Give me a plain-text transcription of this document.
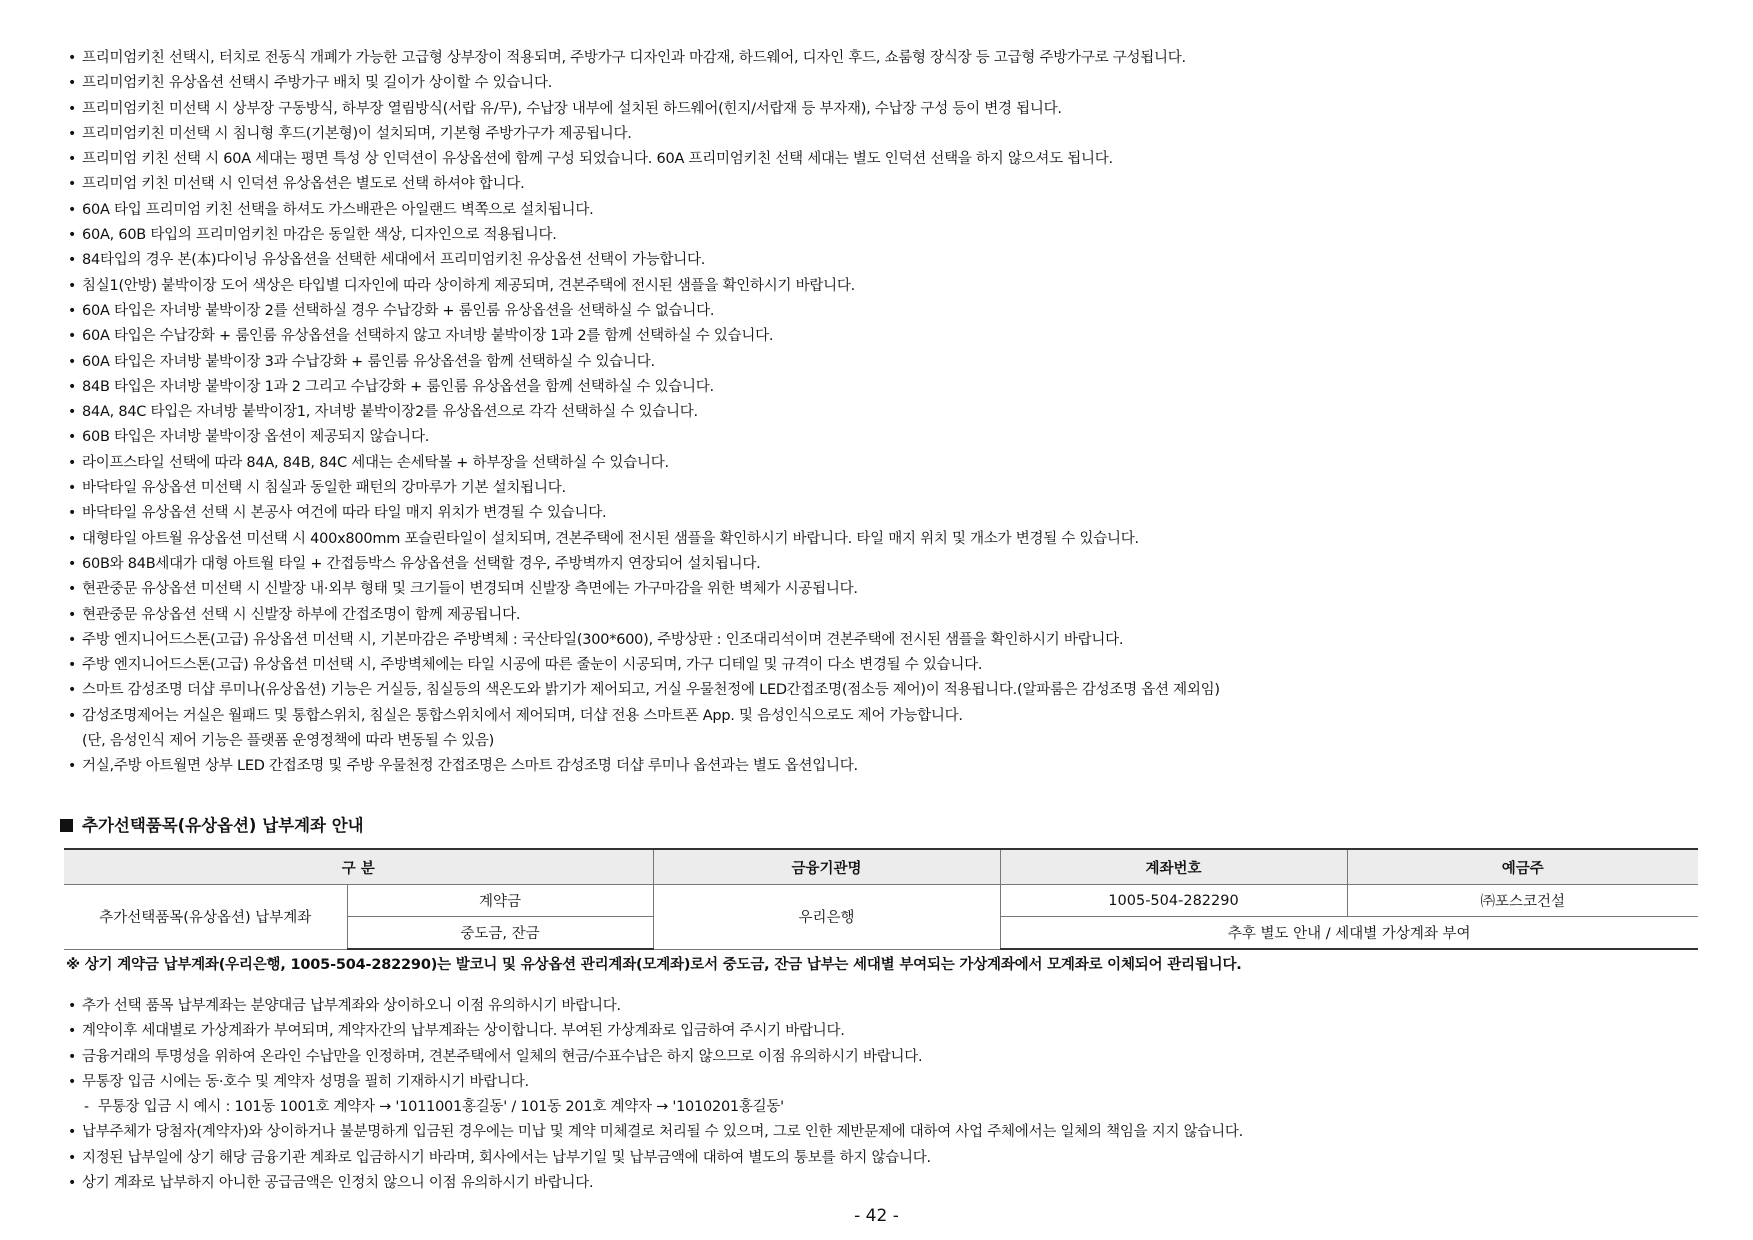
• 프리미엄키친 선택시, 터치로 전동식 개폐가 가능한 고급형 상부장이 적용되며, 주방가구 디자인과 마감재, 하드웨어, 디자인 후드, 쇼룸형 장식장 등 고급형 주방가구로 구성됩니다.
• 프리미엄키친 유상옵션 선택시 주방가구 배치 및 길이가 상이할 수 있습니다.
• 프리미엄키친 미선택 시 상부장 구동방식, 하부장 열림방식(서랍 유/무), 수납장 내부에 설치된 하드웨어(힌지/서랍재 등 부자재), 수납장 구성 등이 변경 됩니다.
• 프리미엄키친 미선택 시 침니형 후드(기본형)이 설치되며, 기본형 주방가구가 제공됩니다.
• 프리미엄 키친 선택 시 60A 세대는 평면 특성 상 인덕션이 유상옵션에 함께 구성 되었습니다. 60A 프리미엄키친 선택 세대는 별도 인덕션 선택을 하지 않으셔도 됩니다.
• 프리미엄 키친 미선택 시 인덕션 유상옵션은 별도로 선택 하셔야 합니다.
• 60A 타입 프리미엄 키친 선택을 하셔도 가스배관은 아일랜드 벽쪽으로 설치됩니다.
• 60A, 60B 타입의 프리미엄키친 마감은 동일한 색상, 디자인으로 적용됩니다.
• 84타입의 경우 본(本)다이닝 유상옵션을 선택한 세대에서 프리미엄키친 유상옵션 선택이 가능합니다.
• 침실1(안방) 붙박이장 도어 색상은 타입별 디자인에 따라 상이하게 제공되며, 견본주택에 전시된 샘플을 확인하시기 바랍니다.
• 60A 타입은 자녀방 붙박이장 2를 선택하실 경우 수납강화 + 룸인룸 유상옵션을 선택하실 수 없습니다.
• 60A 타입은 수납강화 + 룸인룸 유상옵션을 선택하지 않고 자녀방 붙박이장 1과 2를 함께 선택하실 수 있습니다.
• 60A 타입은 자녀방 붙박이장 3과 수납강화 + 룸인룸 유상옵션을 함께 선택하실 수 있습니다.
• 84B 타입은 자녀방 붙박이장 1과 2 그리고 수납강화 + 룸인룸 유상옵션을 함께 선택하실 수 있습니다.
• 84A, 84C 타입은 자녀방 붙박이장1, 자녀방 붙박이장2를 유상옵션으로 각각 선택하실 수 있습니다.
• 60B 타입은 자녀방 붙박이장 옵션이 제공되지 않습니다.
• 라이프스타일 선택에 따라 84A, 84B, 84C 세대는 손세탁볼 + 하부장을 선택하실 수 있습니다.
• 바닥타일 유상옵션 미선택 시 침실과 동일한 패턴의 강마루가 기본 설치됩니다.
• 바닥타일 유상옵션 선택 시 본공사 여건에 따라 타일 매지 위치가 변경될 수 있습니다.
• 대형타일 아트월 유상옵션 미선택 시 400x800mm 포슬린타일이 설치되며, 견본주택에 전시된 샘플을 확인하시기 바랍니다. 타일 매지 위치 및 개소가 변경될 수 있습니다.
• 60B와 84B세대가 대형 아트월 타일 + 간접등박스 유상옵션을 선택할 경우, 주방벽까지 연장되어 설치됩니다.
• 현관중문 유상옵션 미선택 시 신발장 내·외부 형태 및 크기들이 변경되며 신발장 측면에는 가구마감을 위한 벽체가 시공됩니다.
• 현관중문 유상옵션 선택 시 신발장 하부에 간접조명이 함께 제공됩니다.
• 주방 엔지니어드스톤(고급) 유상옵션 미선택 시, 기본마감은 주방벽체 : 국산타일(300*600), 주방상판 : 인조대리석이며 견본주택에 전시된 샘플을 확인하시기 바랍니다.
• 주방 엔지니어드스톤(고급) 유상옵션 미선택 시, 주방벽체에는 타일 시공에 따른 줄눈이 시공되며, 가구 디테일 및 규격이 다소 변경될 수 있습니다.
• 스마트 감성조명 더샵 루미나(유상옵션) 기능은 거실등, 침실등의 색온도와 밝기가 제어되고, 거실 우물천정에 LED간접조명(점소등 제어)이 적용됩니다.(알파룸은 감성조명 옵션 제외임)
• 감성조명제어는 거실은 월패드 및 통합스위치, 침실은 통합스위치에서 제어되며, 더샵 전용 스마트폰 App. 및 음성인식으로도 제어 가능합니다.
(단, 음성인식 제어 기능은 플랫폼 운영정책에 따라 변동될 수 있음)
• 거실,주방 아트월면 상부 LED 간접조명 및 주방 우물천정 간접조명은 스마트 감성조명 더샵 루미나 옵션과는 별도 옵션입니다.
추가선택품목(유상옵션) 납부계좌 안내
구 분		금융기관명	계좌번호	예금주
추가선택품목(유상옵션) 납부계좌	계약금	우리은행	1005-504-282290	㈜포스코건설
	중도금, 잔금		추후 별도 안내 / 세대별 가상계좌 부여	
※ 상기 계약금 납부계좌(우리은행, 1005-504-282290)는 발코니 및 유상옵션 관리계좌(모계좌)로서 중도금, 잔금 납부는 세대별 부여되는 가상계좌에서 모계좌로 이체되어 관리됩니다.
• 추가 선택 품목 납부계좌는 분양대금 납부계좌와 상이하오니 이점 유의하시기 바랍니다.
• 계약이후 세대별로 가상계좌가 부여되며, 계약자간의 납부계좌는 상이합니다. 부여된 가상계좌로 입금하여 주시기 바랍니다.
• 금융거래의 투명성을 위하여 온라인 수납만을 인정하며, 견본주택에서 일체의 현금/수표수납은 하지 않으므로 이점 유의하시기 바랍니다.
• 무통장 입금 시에는 동·호수 및 계약자 성명을 필히 기재하시기 바랍니다.
- 무통장 입금 시 예시 : 101동 1001호 계약자 → '1011001홍길동' / 101동 201호 계약자 → '1010201홍길동'
• 납부주체가 당첨자(계약자)와 상이하거나 불분명하게 입금된 경우에는 미납 및 계약 미체결로 처리될 수 있으며, 그로 인한 제반문제에 대하여 사업 주체에서는 일체의 책임을 지지 않습니다.
• 지정된 납부일에 상기 해당 금융기관 계좌로 입금하시기 바라며, 회사에서는 납부기일 및 납부금액에 대하여 별도의 통보를 하지 않습니다.
• 상기 계좌로 납부하지 아니한 공급금액은 인정치 않으니 이점 유의하시기 바랍니다.
- 42 -
